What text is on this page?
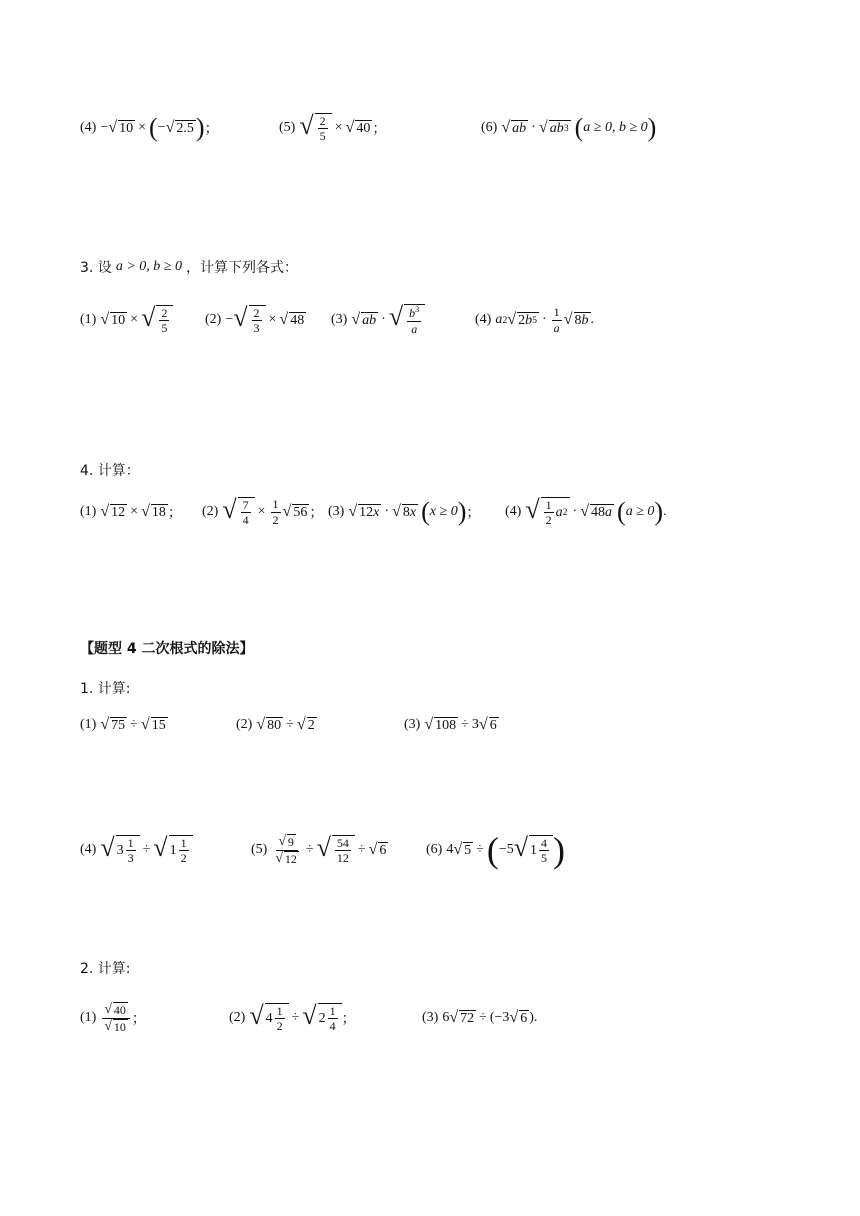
(4) − √ 10 × ( − √ 2.5 ) ；	(5) √ $\frac{2}{5}$ × √ 40 ；	(6) √ ab · √ ab 3 ( a ≥ 0, b ≥ 0 )
3. 设 a > 0, b ≥ 0 ，计算下列各式：
(1) √ 10 × √ $\frac{2}{5}$	(2) − √ $\frac{2}{3}$ × √ 48 (3) √ ab · √ $\frac{b^3}{a}$	(4) a 2 √ 2 b $5 \cdot \frac{1}{a}$ √ 8 b .
4. 计算：
(1) √ 12 × √ 18 ； (2) √ $\frac{7}{4} \times \frac{1}{2}$ √ 56 ； (3) √ 12 x · √ 8 x ( x ≥ 0 ) ； (4) √ $\frac{1}{2}$ a 2 · √ 48 a ( a ≥ 0 ) .
【题型 4 二次根式的除法】
1. 计算:
(1) √ 75 ÷ √ 15	(2) √ 80 ÷ √ 2	(3) √ 108 ÷ 3 √ 6
(4) √ $3 \frac{1}{3}$ ÷ √ $1 \frac{1}{2}$	$(5) \frac{√ 9}{√ 12}$ ÷ √ $\frac{54}{12}$ ÷ √ 6	(6) 4 √ 5 ÷ ( −5 √ $1 \frac{4}{5}$ )
2. 计算:
$(1) \frac{√ 40}{√ 10}$ ；	(2) √ $4 \frac{1}{2}$ ÷ √ $2 \frac{1}{4}$ ；	(3) 6 √ 72 ÷ (−3 √ 6 ).
